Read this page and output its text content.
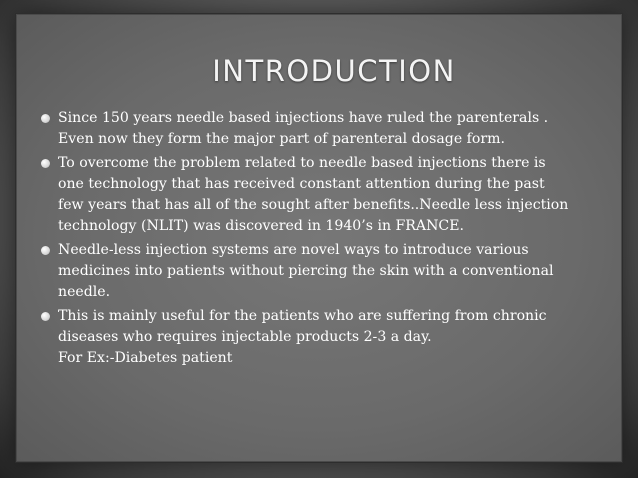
INTRODUCTION
Since 150 years needle based injections have ruled the parenterals .
Even now they form the major part of parenteral dosage form.
To overcome the problem related to needle based injections there is
one technology that has received constant attention during the past
few years that has all of the sought after benefits..Needle less injection
technology (NLIT) was discovered in 1940’s in FRANCE.
Needle-less injection systems are novel ways to introduce various
medicines into patients without piercing the skin with a conventional
needle.
This is mainly useful for the patients who are suffering from chronic
diseases who requires injectable products 2-3 a day.
For Ex:-Diabetes patient
